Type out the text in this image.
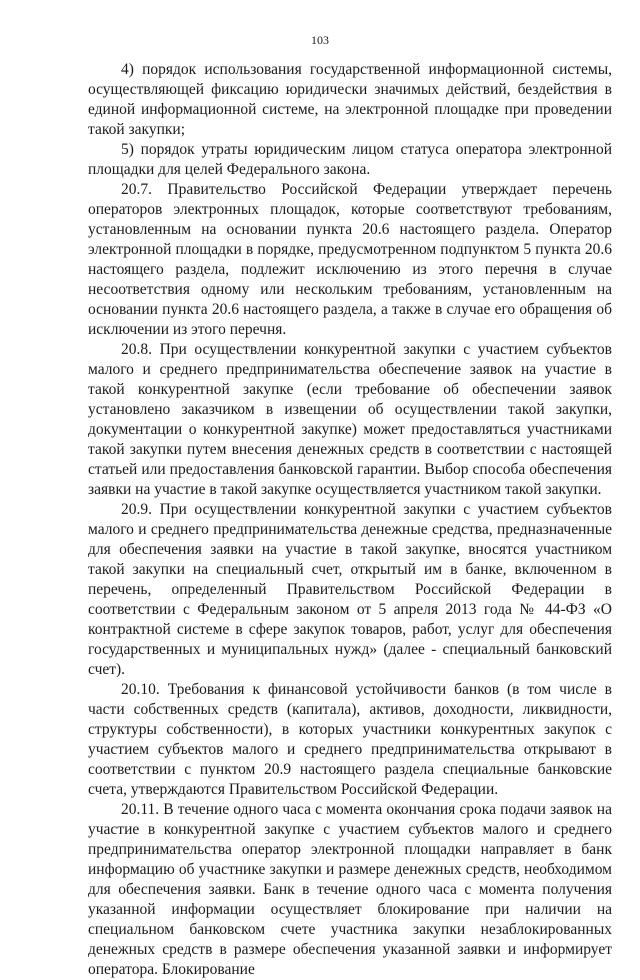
103

4) порядок использования государственной информационной системы, осуществляющей фиксацию юридически значимых действий, бездействия в единой информационной системе, на электронной площадке при проведении такой закупки;

5) порядок утраты юридическим лицом статуса оператора электронной площадки для целей Федерального закона.

20.7. Правительство Российской Федерации утверждает перечень операторов электронных площадок, которые соответствуют требованиям, установленным на основании пункта 20.6 настоящего раздела. Оператор электронной площадки в порядке, предусмотренном подпунктом 5 пункта 20.6 настоящего раздела, подлежит исключению из этого перечня в случае несоответствия одному или нескольким требованиям, установленным на основании пункта 20.6 настоящего раздела, а также в случае его обращения об исключении из этого перечня.

20.8. При осуществлении конкурентной закупки с участием субъектов малого и среднего предпринимательства обеспечение заявок на участие в такой конкурентной закупке (если требование об обеспечении заявок установлено заказчиком в извещении об осуществлении такой закупки, документации о конкурентной закупке) может предоставляться участниками такой закупки путем внесения денежных средств в соответствии с настоящей статьей или предоставления банковской гарантии. Выбор способа обеспечения заявки на участие в такой закупке осуществляется участником такой закупки.

20.9. При осуществлении конкурентной закупки с участием субъектов малого и среднего предпринимательства денежные средства, предназначенные для обеспечения заявки на участие в такой закупке, вносятся участником такой закупки на специальный счет, открытый им в банке, включенном в перечень, определенный Правительством Российской Федерации в соответствии с Федеральным законом от 5 апреля 2013 года № 44-ФЗ «О контрактной системе в сфере закупок товаров, работ, услуг для обеспечения государственных и муниципальных нужд» (далее - специальный банковский счет).

20.10. Требования к финансовой устойчивости банков (в том числе в части собственных средств (капитала), активов, доходности, ликвидности, структуры собственности), в которых участники конкурентных закупок с участием субъектов малого и среднего предпринимательства открывают в соответствии с пунктом 20.9 настоящего раздела специальные банковские счета, утверждаются Правительством Российской Федерации.

20.11. В течение одного часа с момента окончания срока подачи заявок на участие в конкурентной закупке с участием субъектов малого и среднего предпринимательства оператор электронной площадки направляет в банк информацию об участнике закупки и размере денежных средств, необходимом для обеспечения заявки. Банк в течение одного часа с момента получения указанной информации осуществляет блокирование при наличии на специальном банковском счете участника закупки незаблокированных денежных средств в размере обеспечения указанной заявки и информирует оператора. Блокирование
